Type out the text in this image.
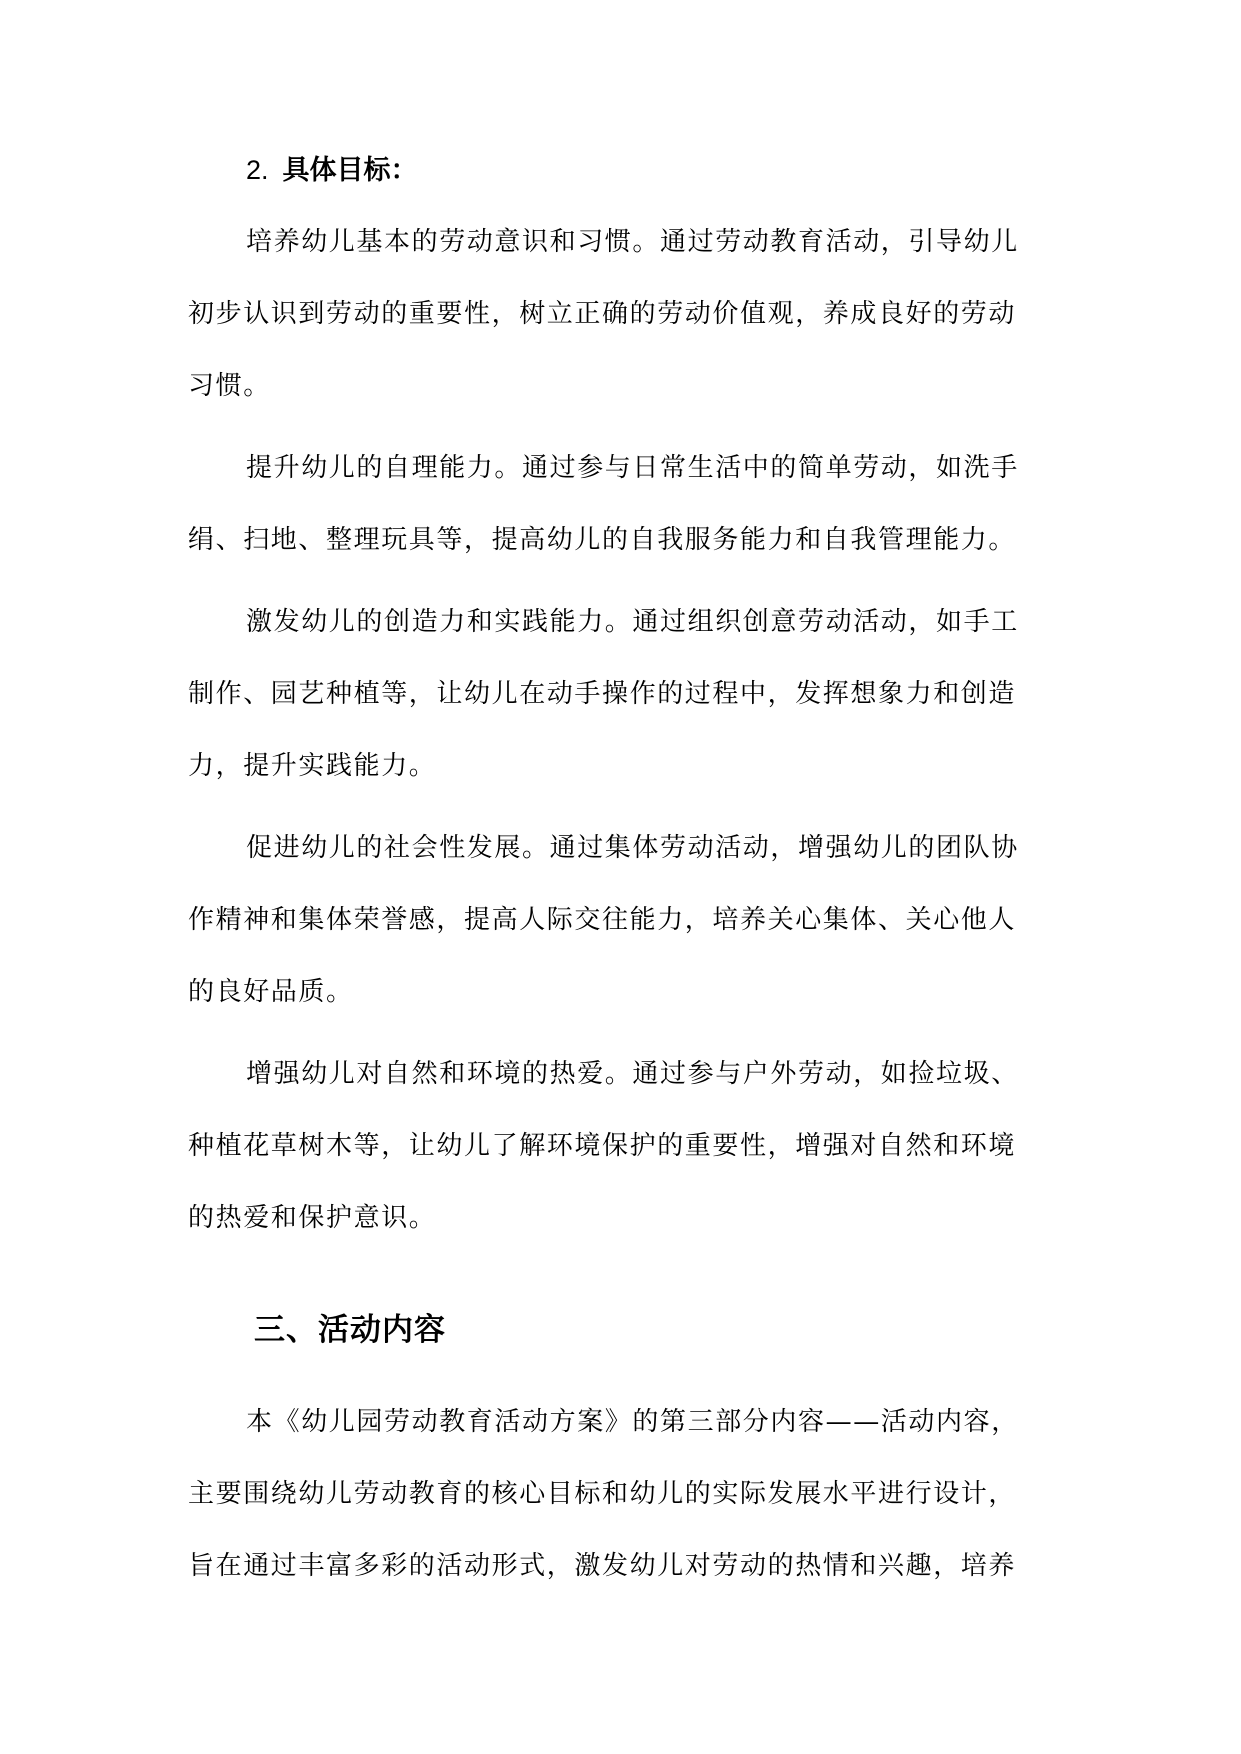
2. 具体目标：
培养幼儿基本的劳动意识和习惯。通过劳动教育活动，引导幼儿
初步认识到劳动的重要性，树立正确的劳动价值观，养成良好的劳动
习惯。
提升幼儿的自理能力。通过参与日常生活中的简单劳动，如洗手
绢、扫地、整理玩具等，提高幼儿的自我服务能力和自我管理能力。
激发幼儿的创造力和实践能力。通过组织创意劳动活动，如手工
制作、园艺种植等，让幼儿在动手操作的过程中，发挥想象力和创造
力，提升实践能力。
促进幼儿的社会性发展。通过集体劳动活动，增强幼儿的团队协
作精神和集体荣誉感，提高人际交往能力，培养关心集体、关心他人
的良好品质。
增强幼儿对自然和环境的热爱。通过参与户外劳动，如捡垃圾、
种植花草树木等，让幼儿了解环境保护的重要性，增强对自然和环境
的热爱和保护意识。
三、活动内容
本《幼儿园劳动教育活动方案》的第三部分内容——活动内容，
主要围绕幼儿劳动教育的核心目标和幼儿的实际发展水平进行设计，
旨在通过丰富多彩的活动形式，激发幼儿对劳动的热情和兴趣，培养
